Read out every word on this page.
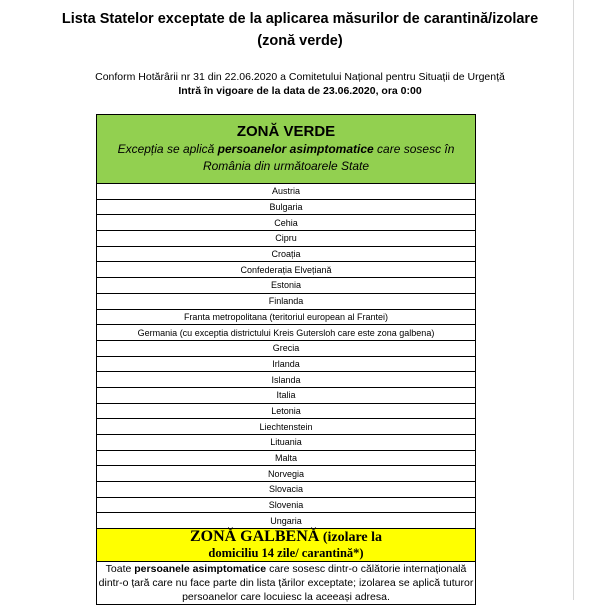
Lista Statelor exceptate de la aplicarea măsurilor de carantină/izolare
(zonă verde)
Conform Hotărârii nr 31 din 22.06.2020 a Comitetului Național pentru Situații de Urgență
Intră în vigoare de la data de 23.06.2020, ora 0:00
ZONĂ VERDE
Excepția se aplică persoanelor asimptomatice care sosesc în
România din următoarele State

Austria
Bulgaria
Cehia
Cipru
Croația
Confederația Elvețiană
Estonia
Finlanda
Franta metropolitana (teritoriul european al Frantei)
Germania (cu exceptia districtului Kreis Gutersloh care este zona galbena)
Grecia
Irlanda
Islanda
Italia
Letonia
Liechtenstein
Lituania
Malta
Norvegia
Slovacia
Slovenia
Ungaria

ZONĂ GALBENĂ (izolare la
domiciliu 14 zile/ carantină*)

Toate persoanele asimptomatice care sosesc dintr-o călătorie internațională dintr-o țară care nu face parte din lista țărilor exceptate; izolarea se aplică tuturor persoanelor care locuiesc la aceeași adresa.
